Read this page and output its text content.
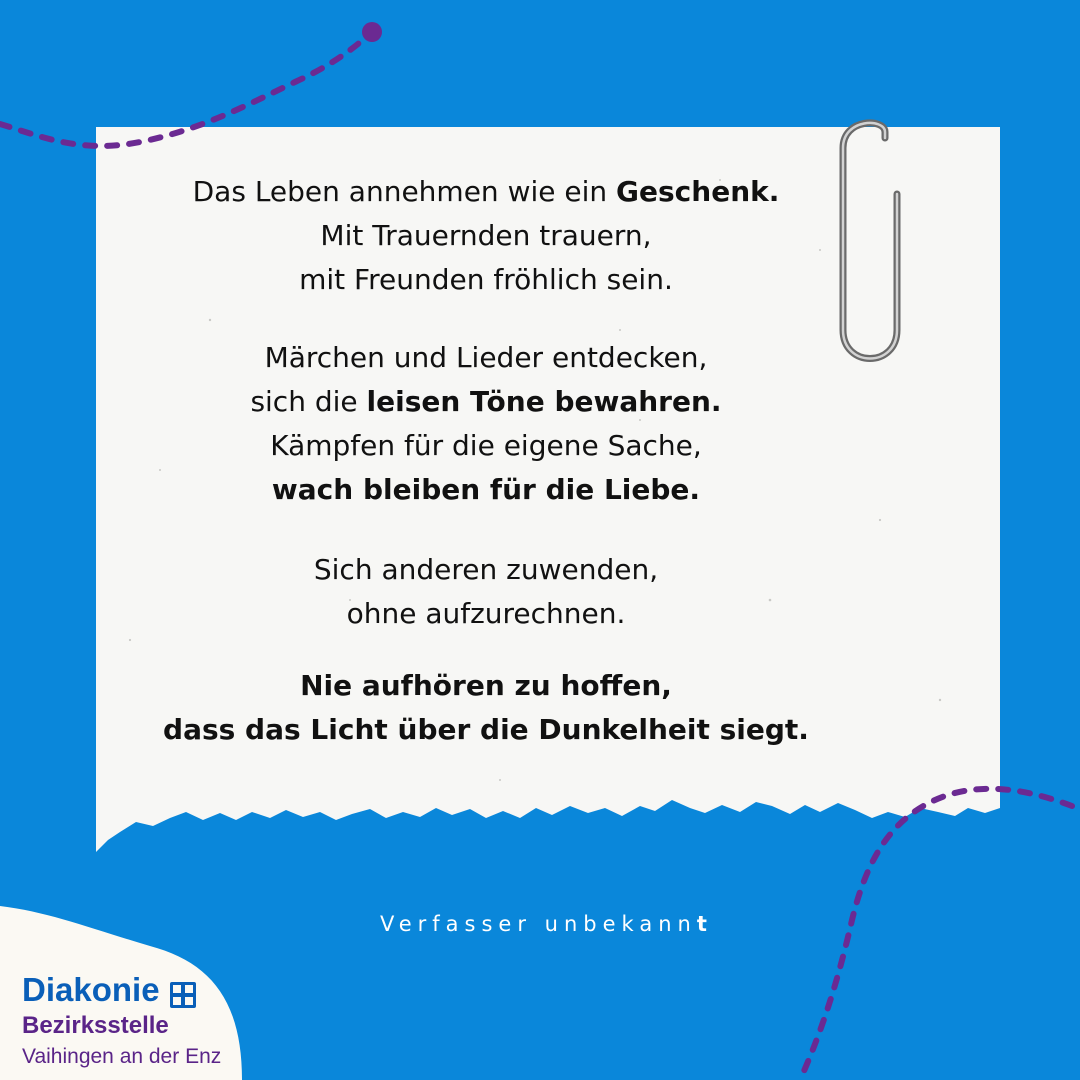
Das Leben annehmen wie ein Geschenk.
Mit Trauernden trauern,
mit Freunden fröhlich sein.
Märchen und Lieder entdecken,
sich die leisen Töne bewahren.
Kämpfen für die eigene Sache,
wach bleiben für die Liebe.
Sich anderen zuwenden,
ohne aufzurechnen.
Nie aufhören zu hoffen,
dass das Licht über die Dunkelheit siegt.
Verfasser unbekannt
Diakonie
Bezirksstelle
Vaihingen an der Enz
